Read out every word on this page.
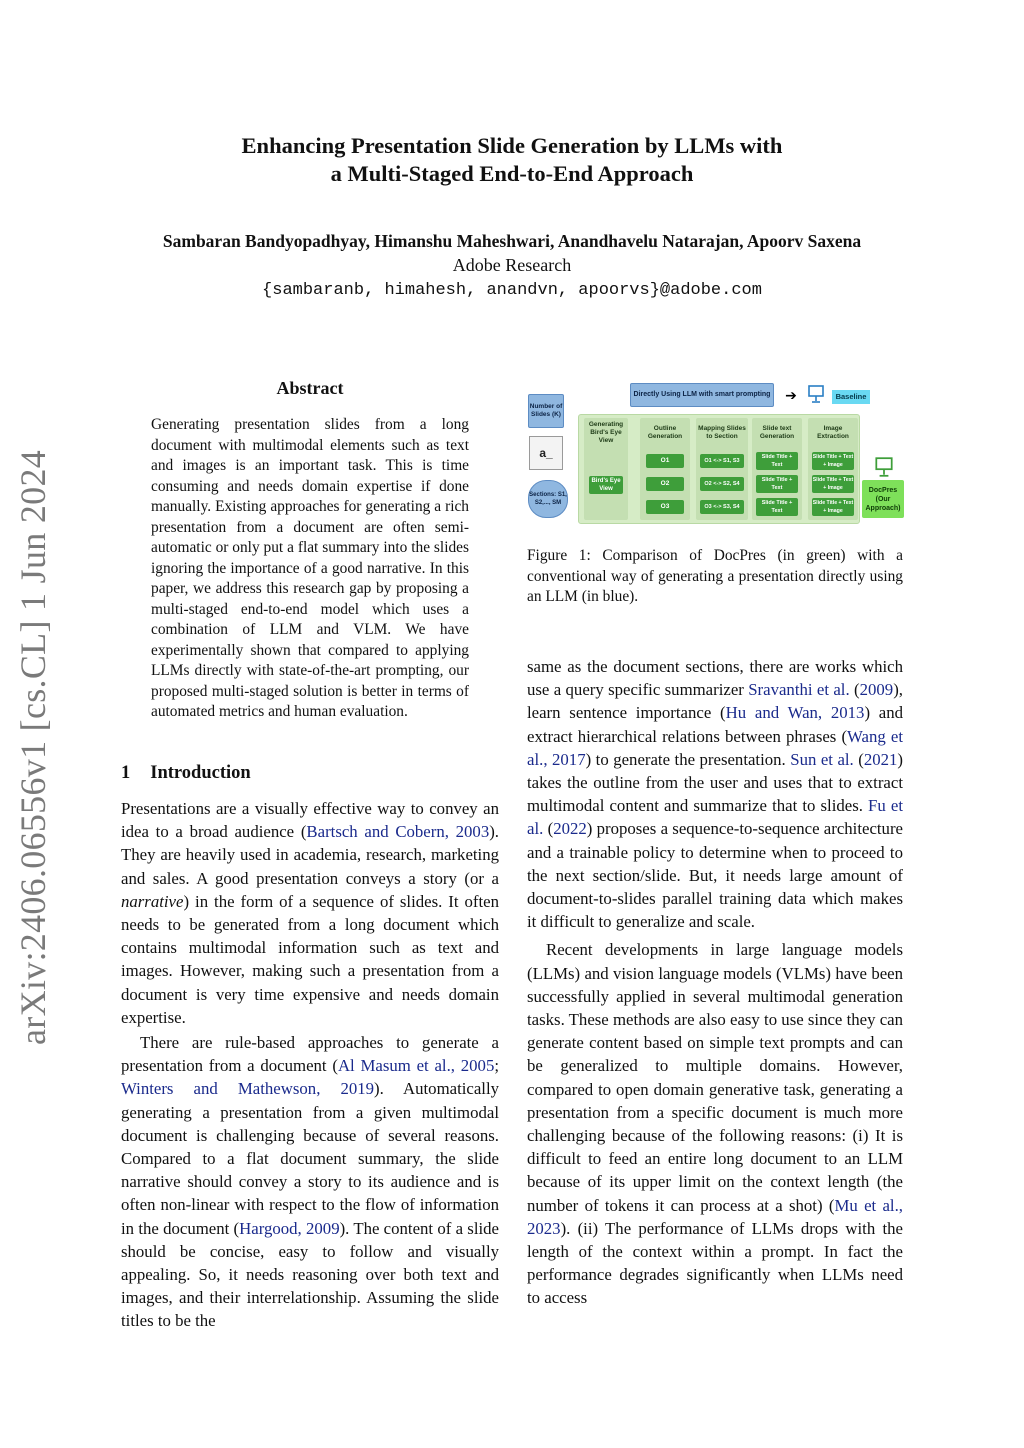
Enhancing Presentation Slide Generation by LLMs with
a Multi-Staged End-to-End Approach
Sambaran Bandyopadhyay, Himanshu Maheshwari, Anandhavelu Natarajan, Apoorv Saxena
Adobe Research
{sambaranb, himahesh, anandvn, apoorvs}@adobe.com
arXiv:2406.06556v1 [cs.CL] 1 Jun 2024
Abstract
Generating presentation slides from a long document with multimodal elements such as text and images is an important task. This is time consuming and needs domain expertise if done manually. Existing approaches for generating a rich presentation from a document are often semi-automatic or only put a flat summary into the slides ignoring the importance of a good narrative. In this paper, we address this research gap by proposing a multi-staged end-to-end model which uses a combination of LLM and VLM. We have experimentally shown that compared to applying LLMs directly with state-of-the-art prompting, our proposed multi-staged solution is better in terms of automated metrics and human evaluation.
1 Introduction

Presentations are a visually effective way to convey an idea to a broad audience (Bartsch and Cobern, 2003). They are heavily used in academia, research, marketing and sales. A good presentation conveys a story (or a narrative) in the form of a sequence of slides. It often needs to be generated from a long document which contains multimodal information such as text and images. However, making such a presentation from a document is very time expensive and needs domain expertise.

There are rule-based approaches to generate a presentation from a document (Al Masum et al., 2005; Winters and Mathewson, 2019). Automatically generating a presentation from a given multimodal document is challenging because of several reasons. Compared to a flat document summary, the slide narrative should convey a story to its audience and is often non-linear with respect to the flow of information in the document (Hargood, 2009). The content of a slide should be concise, easy to follow and visually appealing. So, it needs reasoning over both text and images, and their interrelationship. Assuming the slide titles to be the

Number of Slides (K)
a_
Sections: S1, S2,..., SM
Directly Using LLM with smart prompting	➔	Baseline
Generating Bird's Eye View
Outline Generation
Mapping Slides to Section
Slide text Generation
Image Extraction
Bird's Eye View
O1
O2
O3
O1 <-> S1, S3
O2 <-> S2, S4
O3 <-> S3, S4
Slide Title + Text
Slide Title + Text
Slide Title + Text
Slide Title + Text + Image
Slide Title + Text + Image
Slide Title + Text + Image
DocPres (Our Approach)
Figure 1: Comparison of DocPres (in green) with a conventional way of generating a presentation directly using an LLM (in blue).

same as the document sections, there are works which use a query specific summarizer Sravanthi et al. (2009), learn sentence importance (Hu and Wan, 2013) and extract hierarchical relations between phrases (Wang et al., 2017) to generate the presentation. Sun et al. (2021) takes the outline from the user and uses that to extract multimodal content and summarize that to slides. Fu et al. (2022) proposes a sequence-to-sequence architecture and a trainable policy to determine when to proceed to the next section/slide. But, it needs large amount of document-to-slides parallel training data which makes it difficult to generalize and scale.

Recent developments in large language models (LLMs) and vision language models (VLMs) have been successfully applied in several multimodal generation tasks. These methods are also easy to use since they can generate content based on simple text prompts and can be generalized to multiple domains. However, compared to open domain generative task, generating a presentation from a specific document is much more challenging because of the following reasons: (i) It is difficult to feed an entire long document to an LLM because of its upper limit on the context length (the number of tokens it can process at a shot) (Mu et al., 2023). (ii) The performance of LLMs drops with the length of the context within a prompt. In fact the performance degrades significantly when LLMs need to access
